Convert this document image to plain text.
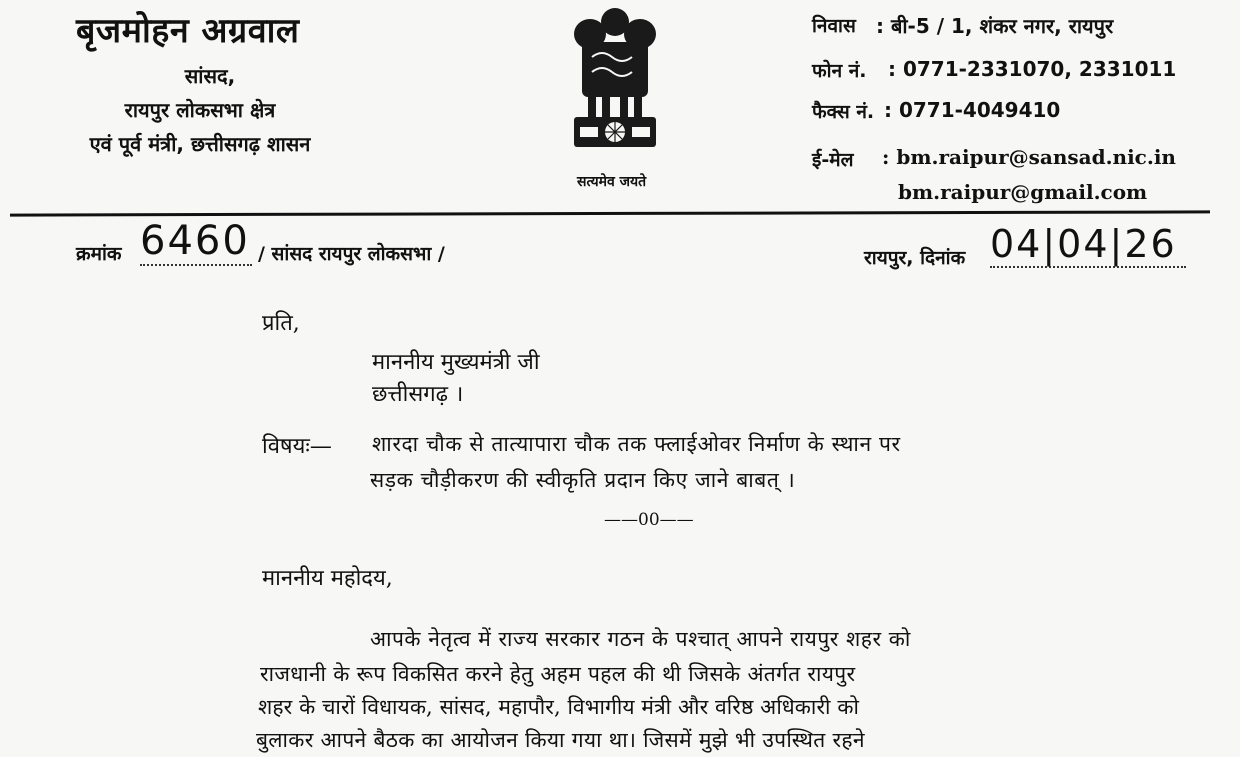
बृजमोहन अग्रवाल
सांसद,
रायपुर लोकसभा क्षेत्र
एवं पूर्व मंत्री, छत्तीसगढ़ शासन
सत्यमेव जयते
निवास : बी-5 / 1, शंकर नगर, रायपुर
फोन नं. : 0771-2331070, 2331011
फैक्स नं. : 0771-4049410
ई-मेल : bm.raipur@sansad.nic.in
bm.raipur@gmail.com
क्रमांक 6460 / सांसद रायपुर लोकसभा /	रायपुर, दिनांक 04|04|26
प्रति,
माननीय मुख्यमंत्री जी
छत्तीसगढ़ ।
विषयः— शारदा चौक से तात्यापारा चौक तक फ्लाईओवर निर्माण के स्थान पर
सड़क चौड़ीकरण की स्वीकृति प्रदान किए जाने बाबत् ।
——00——
माननीय महोदय,
आपके नेतृत्व में राज्य सरकार गठन के पश्चात् आपने रायपुर शहर को
राजधानी के रूप विकसित करने हेतु अहम पहल की थी जिसके अंतर्गत रायपुर
शहर के चारों विधायक, सांसद, महापौर, विभागीय मंत्री और वरिष्ठ अधिकारी को
बुलाकर आपने बैठक का आयोजन किया गया था। जिसमें मुझे भी उपस्थित रहने
